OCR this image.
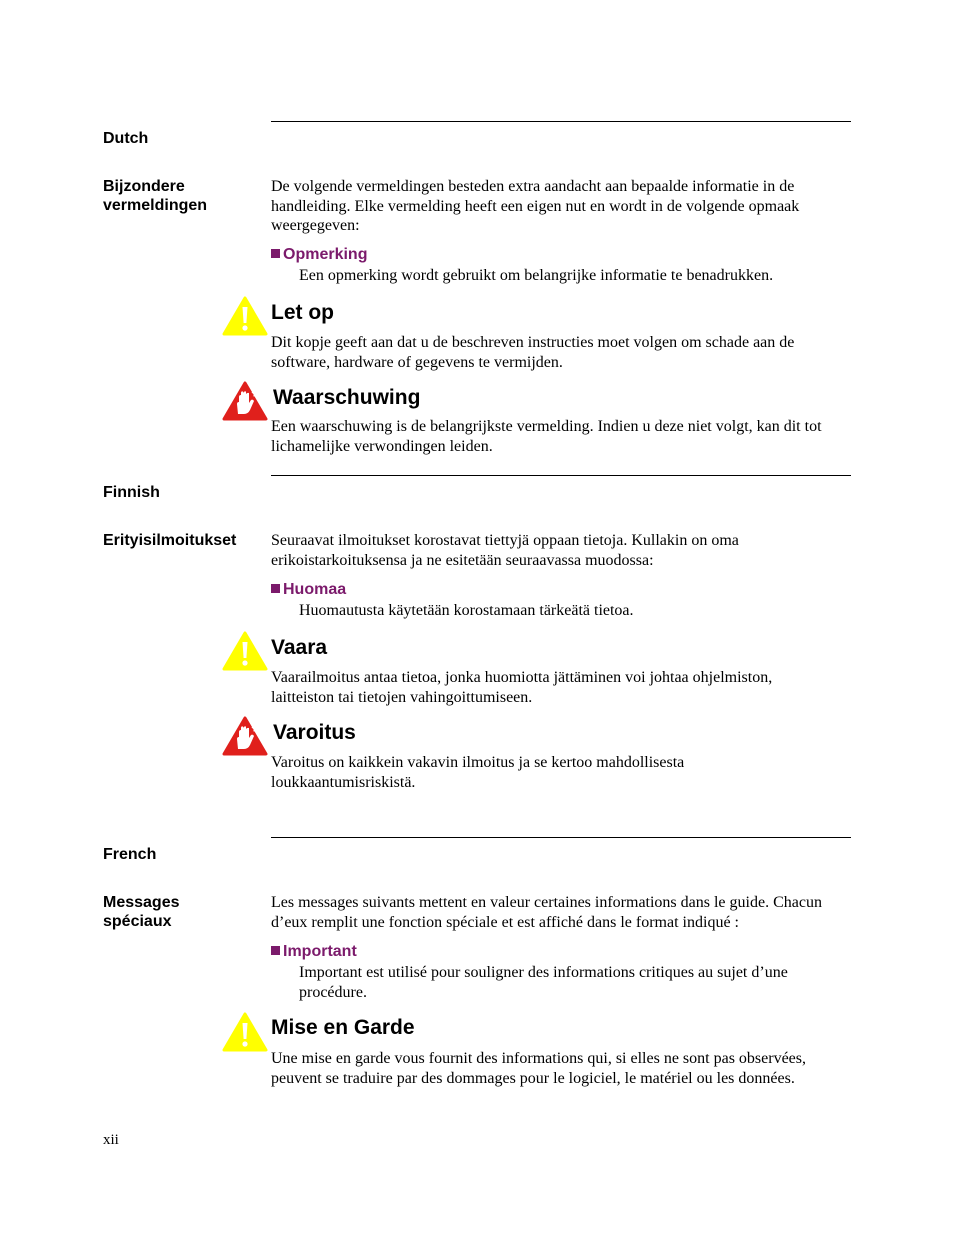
Dutch
Bijzondere
vermeldingen
De volgende vermeldingen besteden extra aandacht aan bepaalde informatie in de handleiding. Elke vermelding heeft een eigen nut en wordt in de volgende opmaak weergegeven:
Opmerking
Een opmerking wordt gebruikt om belangrijke informatie te benadrukken.
Let op
Dit kopje geeft aan dat u de beschreven instructies moet volgen om schade aan de software, hardware of gegevens te vermijden.
Waarschuwing
Een waarschuwing is de belangrijkste vermelding. Indien u deze niet volgt, kan dit tot lichamelijke verwondingen leiden.
Finnish
Erityisilmoitukset Seuraavat ilmoitukset korostavat tiettyjä oppaan tietoja. Kullakin on oma erikoistarkoituksensa ja ne esitetään seuraavassa muodossa:
Huomaa
Huomautusta käytetään korostamaan tärkeätä tietoa.
Vaara
Vaarailmoitus antaa tietoa, jonka huomiotta jättäminen voi johtaa ohjelmiston, laitteiston tai tietojen vahingoittumiseen.
Varoitus
Varoitus on kaikkein vakavin ilmoitus ja se kertoo mahdollisesta loukkaantumisriskistä.
French
Messages
spéciaux
Les messages suivants mettent en valeur certaines informations dans le guide. Chacun d’eux remplit une fonction spéciale et est affiché dans le format indiqué :
Important
Important est utilisé pour souligner des informations critiques au sujet d’une procédure.
Mise en Garde
Une mise en garde vous fournit des informations qui, si elles ne sont pas observées, peuvent se traduire par des dommages pour le logiciel, le matériel ou les données.
xii
